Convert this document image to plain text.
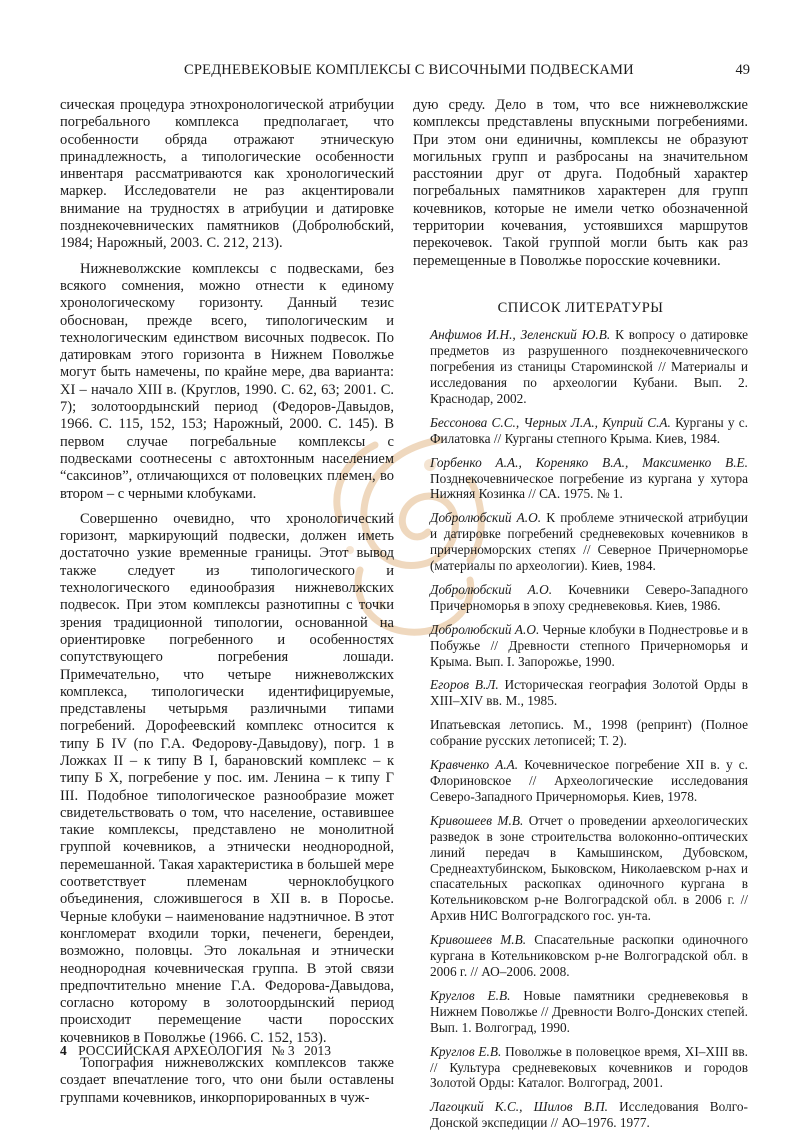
СРЕДНЕВЕКОВЫЕ КОМПЛЕКСЫ С ВИСОЧНЫМИ ПОДВЕСКАМИ	49

сическая процедура этнохронологической атрибуции погребального комплекса предполагает, что особенности обряда отражают этническую принадлежность, а типологические особенности инвентаря рассматриваются как хронологический маркер. Исследователи не раз акцентировали внимание на трудностях в атрибуции и датировке позднекочевнических памятников (Добролюбский, 1984; Нарожный, 2003. С. 212, 213).

Нижневолжские комплексы с подвесками, без всякого сомнения, можно отнести к единому хронологическому горизонту. Данный тезис обоснован, прежде всего, типологическим и технологическим единством височных подвесок. По датировкам этого горизонта в Нижнем Поволжье могут быть намечены, по крайне мере, два варианта: XI – начало XIII в. (Круглов, 1990. С. 62, 63; 2001. С. 7); золотоордынский период (Федоров-Давыдов, 1966. С. 115, 152, 153; Нарожный, 2000. С. 145). В первом случае погребальные комплексы с подвесками соотнесены с автохтонным населением “саксинов”, отличающихся от половецких племен, во втором – с черными клобуками.

Совершенно очевидно, что хронологический горизонт, маркирующий подвески, должен иметь достаточно узкие временные границы. Этот вывод также следует из типологического и технологического единообразия нижневолжских подвесок. При этом комплексы разнотипны с точки зрения традиционной типологии, основанной на ориентировке погребенного и особенностях сопутствующего погребения лошади. Примечательно, что четыре нижневолжских комплекса, типологически идентифицируемые, представлены четырьмя различными типами погребений. Дорофеевский комплекс относится к типу Б IV (по Г.А. Федорову-Давыдову), погр. 1 в Ложках II – к типу В I, барановский комплекс – к типу Б X, погребение у пос. им. Ленина – к типу Г III. Подобное типологическое разнообразие может свидетельствовать о том, что население, оставившее такие комплексы, представлено не монолитной группой кочевников, а этнически неоднородной, перемешанной. Такая характеристика в большей мере соответствует племенам черноклобуцкого объединения, сложившегося в XII в. в Поросье. Черные клобуки – наименование надэтничное. В этот конгломерат входили торки, печенеги, берендеи, возможно, половцы. Это локальная и этнически неоднородная кочевническая группа. В этой связи предпочтительно мнение Г.А. Федорова-Давыдова, согласно которому в золотоордынский период происходит перемещение части поросских кочевников в Поволжье (1966. С. 152, 153).

Топография нижневолжских комплексов также создает впечатление того, что они были оставлены группами кочевников, инкорпорированных в чуж-

дую среду. Дело в том, что все нижневолжские комплексы представлены впускными погребениями. При этом они единичны, комплексы не образуют могильных групп и разбросаны на значительном расстоянии друг от друга. Подобный характер погребальных памятников характерен для групп кочевников, которые не имели четко обозначенной территории кочевания, устоявшихся маршрутов перекочевок. Такой группой могли быть как раз перемещенные в Поволжье поросские кочевники.

СПИСОК ЛИТЕРАТУРЫ

Анфимов И.Н., Зеленский Ю.В. К вопросу о датировке предметов из разрушенного позднекочевнического погребения из станицы Староминской // Материалы и исследования по археологии Кубани. Вып. 2. Краснодар, 2002.

Бессонова С.С., Черных Л.А., Куприй С.А. Курганы у с. Филатовка // Курганы степного Крыма. Киев, 1984.

Горбенко А.А., Кореняко В.А., Максименко В.Е. Позднекочевническое погребение из кургана у хутора Нижняя Козинка // СА. 1975. № 1.

Добролюбский А.О. К проблеме этнической атрибуции и датировке погребений средневековых кочевников в причерноморских степях // Северное Причерноморье (материалы по археологии). Киев, 1984.

Добролюбский А.О. Кочевники Северо-Западного Причерноморья в эпоху средневековья. Киев, 1986.

Добролюбский А.О. Черные клобуки в Поднестровье и в Побужье // Древности степного Причерноморья и Крыма. Вып. I. Запорожье, 1990.

Егоров В.Л. Историческая география Золотой Орды в XIII–XIV вв. М., 1985.

Ипатьевская летопись. М., 1998 (репринт) (Полное собрание русских летописей; Т. 2).

Кравченко А.А. Кочевническое погребение XII в. у с. Флориновское // Археологические исследования Северо-Западного Причерноморья. Киев, 1978.

Кривошеев М.В. Отчет о проведении археологических разведок в зоне строительства волоконно-оптических линий передач в Камышинском, Дубовском, Среднеахтубинском, Быковском, Николаевском р-нах и спасательных раскопках одиночного кургана в Котельниковском р-не Волгоградской обл. в 2006 г. // Архив НИС Волгоградского гос. ун-та.

Кривошеев М.В. Спасательные раскопки одиночного кургана в Котельниковском р-не Волгоградской обл. в 2006 г. // АО–2006. 2008.

Круглов Е.В. Новые памятники средневековья в Нижнем Поволжье // Древности Волго-Донских степей. Вып. 1. Волгоград, 1990.

Круглов Е.В. Поволжье в половецкое время, XI–XIII вв. // Культура средневековых кочевников и городов Золотой Орды: Каталог. Волгоград, 2001.

Лагоцкий К.С., Шилов В.П. Исследования Волго-Донской экспедиции // АО–1976. 1977.

4 РОССИЙСКАЯ АРХЕОЛОГИЯ № 3 2013
